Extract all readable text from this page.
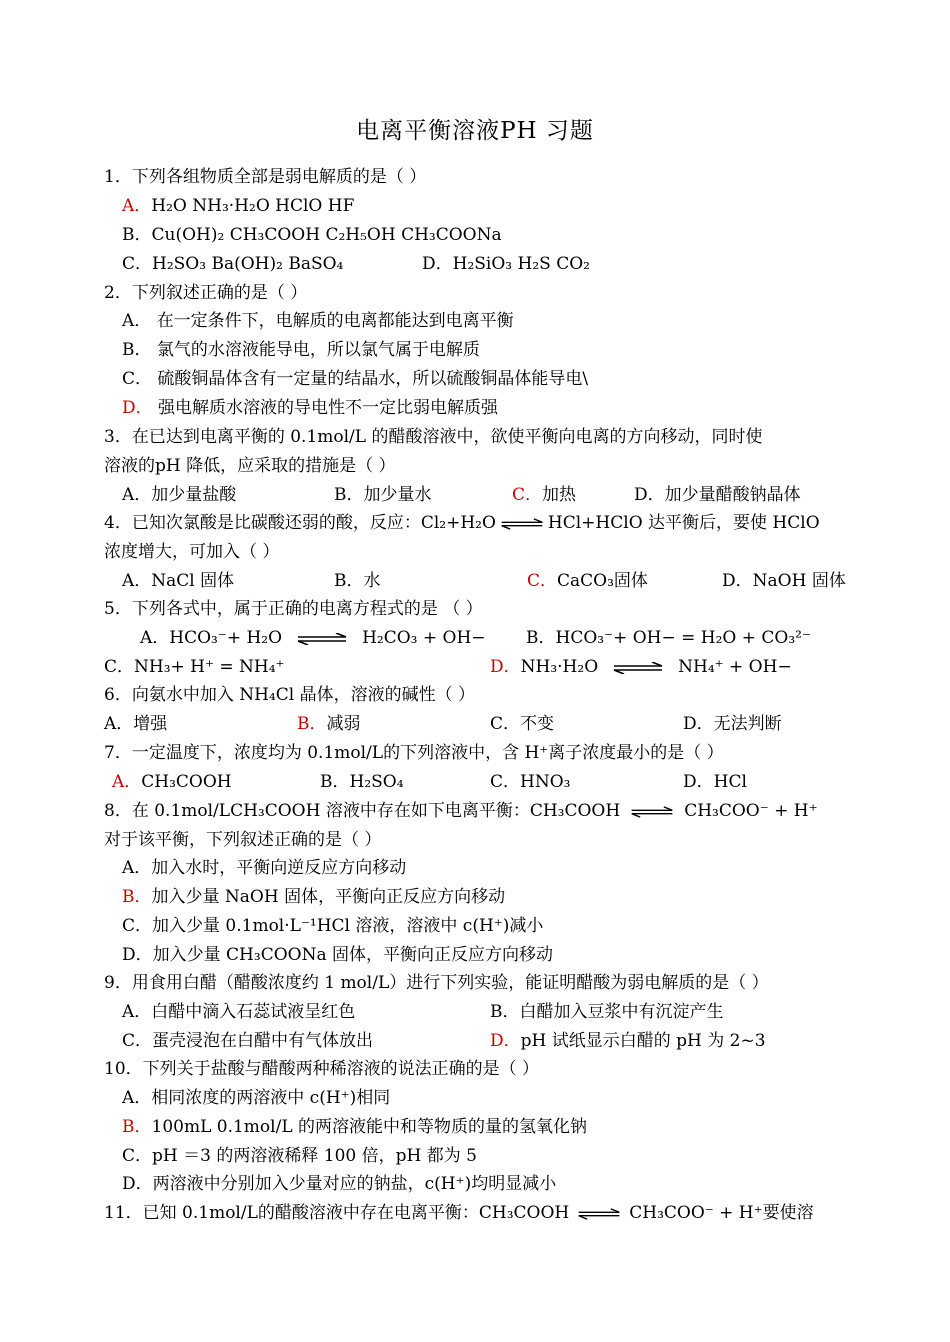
电离平衡溶液PH 习题
1．下列各组物质全部是弱电解质的是（ ）
A．H₂O NH₃·H₂O HClO HF
B．Cu(OH)₂ CH₃COOH C₂H₅OH CH₃COONa
C．H₂SO₃ Ba(OH)₂ BaSO₄	D．H₂SiO₃ H₂S CO₂
2．下列叙述正确的是（ ）
A． 在一定条件下，电解质的电离都能达到电离平衡
B． 氯气的水溶液能导电，所以氯气属于电解质
C． 硫酸铜晶体含有一定量的结晶水，所以硫酸铜晶体能导电\
D． 强电解质水溶液的导电性不一定比弱电解质强
3．在已达到电离平衡的 0.1mol/L 的醋酸溶液中，欲使平衡向电离的方向移动，同时使
溶液的pH 降低，应采取的措施是（ ）
A．加少量盐酸	B．加少量水	C．加热	D．加少量醋酸钠晶体
4．已知次氯酸是比碳酸还弱的酸，反应：Cl₂+H₂O	HCl+HClO 达平衡后，要使 HClO
浓度增大，可加入（ ）
A．NaCl 固体	B．水	C．CaCO₃固体	D．NaOH 固体
5．下列各式中，属于正确的电离方程式的是 （ ）
A．HCO₃⁻+ H₂O	H₂CO₃ + OH− B．HCO₃⁻+ OH− = H₂O + CO₃²⁻
C．NH₃+ H⁺ = NH₄⁺	D．NH₃·H₂O	NH₄⁺ + OH−
6．向氨水中加入 NH₄Cl 晶体，溶液的碱性（ ）
A．增强	B．减弱	C．不变	D．无法判断
7．一定温度下，浓度均为 0.1mol/L的下列溶液中，含 H⁺离子浓度最小的是（ ）
A．CH₃COOH	B．H₂SO₄	C．HNO₃	D．HCl
8．在 0.1mol/LCH₃COOH 溶液中存在如下电离平衡：CH₃COOH	CH₃COO⁻ + H⁺
对于该平衡，下列叙述正确的是（ ）
A．加入水时，平衡向逆反应方向移动
B．加入少量 NaOH 固体，平衡向正反应方向移动
C．加入少量 0.1mol·L⁻¹HCl 溶液，溶液中 c(H⁺)减小
D．加入少量 CH₃COONa 固体，平衡向正反应方向移动
9．用食用白醋（醋酸浓度约 1 mol/L）进行下列实验，能证明醋酸为弱电解质的是（ ）
A．白醋中滴入石蕊试液呈红色	B．白醋加入豆浆中有沉淀产生
C．蛋壳浸泡在白醋中有气体放出	D．pH 试纸显示白醋的 pH 为 2~3
10．下列关于盐酸与醋酸两种稀溶液的说法正确的是（ ）
A．相同浓度的两溶液中 c(H⁺)相同
B．100mL 0.1mol/L 的两溶液能中和等物质的量的氢氧化钠
C．pH ＝3 的两溶液稀释 100 倍，pH 都为 5
D．两溶液中分别加入少量对应的钠盐，c(H⁺)均明显减小
11．已知 0.1mol/L的醋酸溶液中存在电离平衡：CH₃COOH	CH₃COO⁻ + H⁺要使溶
